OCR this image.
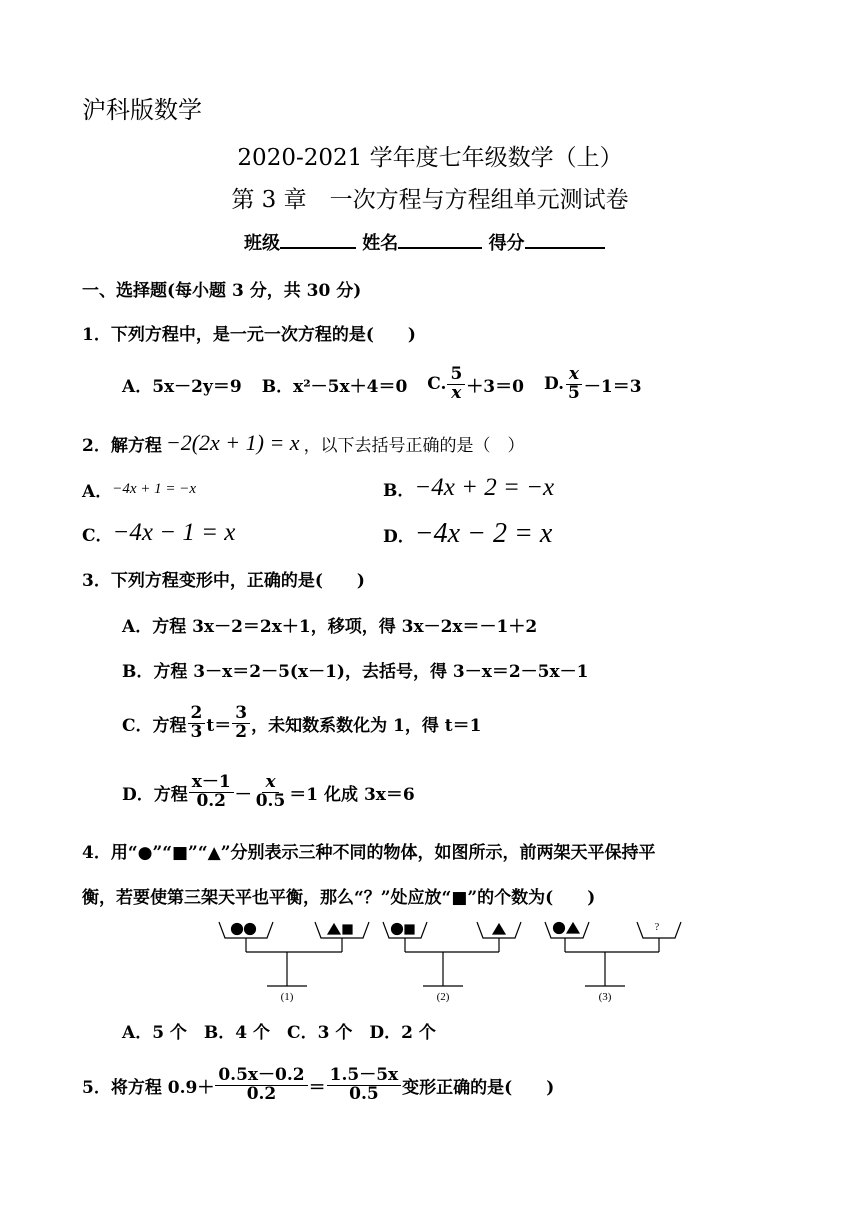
沪科版数学
2020-2021 学年度七年级数学（上）
第 3 章　一次方程与方程组单元测试卷
班级	姓名	得分
一、选择题(每小题 3 分，共 30 分)
1．下列方程中，是一元一次方程的是(　　)
A．5x－2y＝9 B．x²－5x＋4＝0 C. $\frac{5}{x} +3=0$ D. $\frac{x}{5} -1=3$
2．解方程 −2(2x + 1) = x ，以下去括号正确的是（　）
A． −4x + 1 = −x	B． −4x + 2 = −x
C． −4x − 1 = x	D． −4x − 2 = x
3．下列方程变形中，正确的是(　　)
A．方程 3x－2＝2x＋1，移项，得 3x－2x＝－1＋2
B．方程 3－x＝2－5(x－1)，去括号，得 3－x＝2－5x－1
C．方程 $\frac{2}{3} t= \frac{3}{2}$ ，未知数系数化为 1，得 t＝1
D．方程 $\frac{x-1}{0.2} - \frac{x}{0.5} =1$ 化成 3x＝6
4．用“●”“■”“▲”分别表示三种不同的物体，如图所示，前两架天平保持平
衡，若要使第三架天平也平衡，那么“？”处应放“■”的个数为(　　)
(1)	(2)
?
(3)
A．5 个　B．4 个　C．3 个　D．2 个
5．将方程 $0.9+ \frac{0.5x-0.2}{0.2} = \frac{1.5-5x}{0.5}$ 变形正确的是(　　)
